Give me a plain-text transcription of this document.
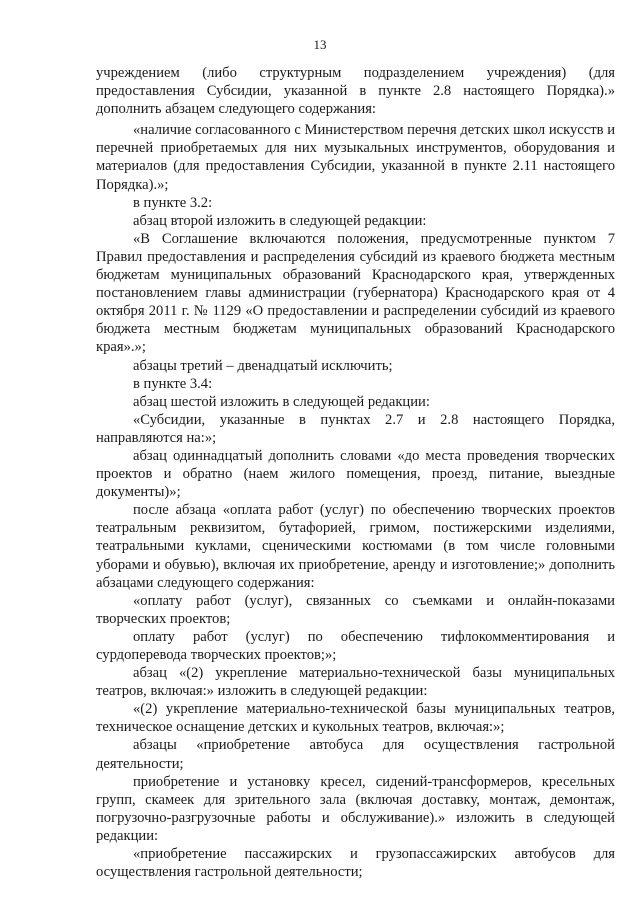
13

учреждением (либо структурным подразделением учреждения) (для предоставления Субсидии, указанной в пункте 2.8 настоящего Порядка).» дополнить абзацем следующего содержания:

«наличие согласованного с Министерством перечня детских школ искусств и перечней приобретаемых для них музыкальных инструментов, оборудования и материалов (для предоставления Субсидии, указанной в пункте 2.11 настоящего Порядка).»;

в пункте 3.2:

абзац второй изложить в следующей редакции:

«В Соглашение включаются положения, предусмотренные пунктом 7 Правил предоставления и распределения субсидий из краевого бюджета местным бюджетам муниципальных образований Краснодарского края, утвержденных постановлением главы администрации (губернатора) Краснодарского края от 4 октября 2011 г. № 1129 «О предоставлении и распределении субсидий из краевого бюджета местным бюджетам муниципальных образований Краснодарского края».»;

абзацы третий – двенадцатый исключить;

в пункте 3.4:

абзац шестой изложить в следующей редакции:

«Субсидии, указанные в пунктах 2.7 и 2.8 настоящего Порядка, направляются на:»;

абзац одиннадцатый дополнить словами «до места проведения творческих проектов и обратно (наем жилого помещения, проезд, питание, выездные документы)»;

после абзаца «оплата работ (услуг) по обеспечению творческих проектов театральным реквизитом, бутафорией, гримом, постижерскими изделиями, театральными куклами, сценическими костюмами (в том числе головными уборами и обувью), включая их приобретение, аренду и изготовление;» дополнить абзацами следующего содержания:

«оплату работ (услуг), связанных со съемками и онлайн-показами творческих проектов;

оплату работ (услуг) по обеспечению тифлокомментирования и сурдоперевода творческих проектов;»;

абзац «(2) укрепление материально-технической базы муниципальных театров, включая:» изложить в следующей редакции:

«(2) укрепление материально-технической базы муниципальных театров, техническое оснащение детских и кукольных театров, включая:»;

абзацы «приобретение автобуса для осуществления гастрольной деятельности;

приобретение и установку кресел, сидений-трансформеров, кресельных групп, скамеек для зрительного зала (включая доставку, монтаж, демонтаж, погрузочно-разгрузочные работы и обслуживание).» изложить в следующей редакции:

«приобретение пассажирских и грузопассажирских автобусов для осуществления гастрольной деятельности;
